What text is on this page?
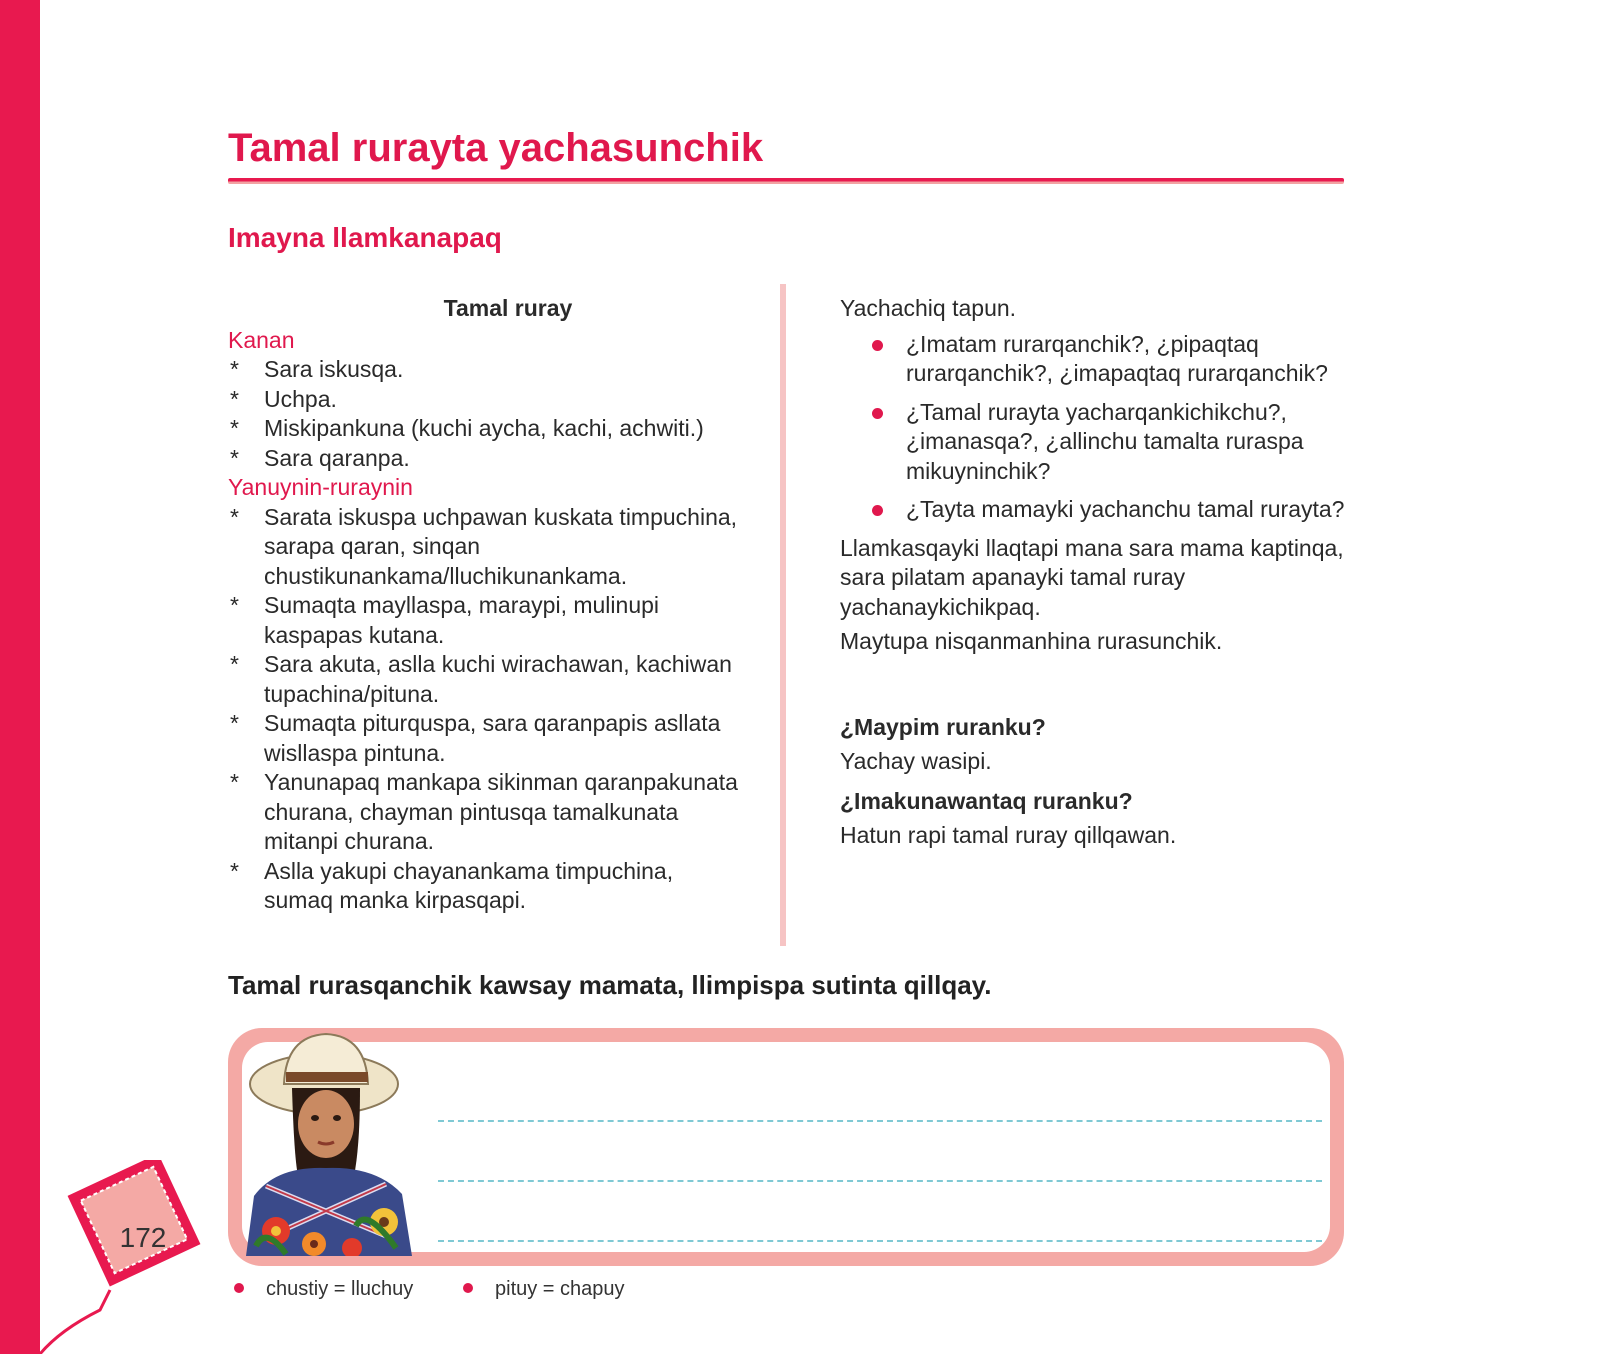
Tamal rurayta yachasunchik
Imayna llamkanapaq
Tamal ruray
Kanan
* Sara iskusqa.
* Uchpa.
* Miskipankuna (kuchi aycha, kachi, achwiti.)
* Sara qaranpa.
Yanuynin-ruraynin
* Sarata iskuspa uchpawan kuskata timpuchina, sarapa qaran, sinqan chustikunankama/lluchikunankama.
* Sumaqta mayllaspa, maraypi, mulinupi kaspapas kutana.
* Sara akuta, aslla kuchi wirachawan, kachiwan tupachina/pituna.
* Sumaqta piturquspa, sara qaranpapis asllata wisllaspa pintuna.
* Yanunapaq mankapa sikinman qaranpakunata churana, chayman pintusqa tamalkunata mitanpi churana.
* Aslla yakupi chayanankama timpuchina, sumaq manka kirpasqapi.

Yachachiq tapun.

¿Imatam rurarqanchik?, ¿pipaqtaq rurarqanchik?, ¿imapaqtaq rurarqanchik?
¿Tamal rurayta yacharqankichikchu?, ¿imanasqa?, ¿allinchu tamalta ruraspa mikuyninchik?
¿Tayta mamayki yachanchu tamal rurayta?

Llamkasqayki llaqtapi mana sara mama kaptinqa, sara pilatam apanayki tamal ruray yachanaykichikpaq.

Maytupa nisqanmanhina rurasunchik.

¿Maypim ruranku?

Yachay wasipi.

¿Imakunawantaq ruranku?

Hatun rapi tamal ruray qillqawan.

Tamal rurasqanchik kawsay mamata, llimpispa sutinta qillqay.

chustiy = lluchuy	pituy = chapuy
172
